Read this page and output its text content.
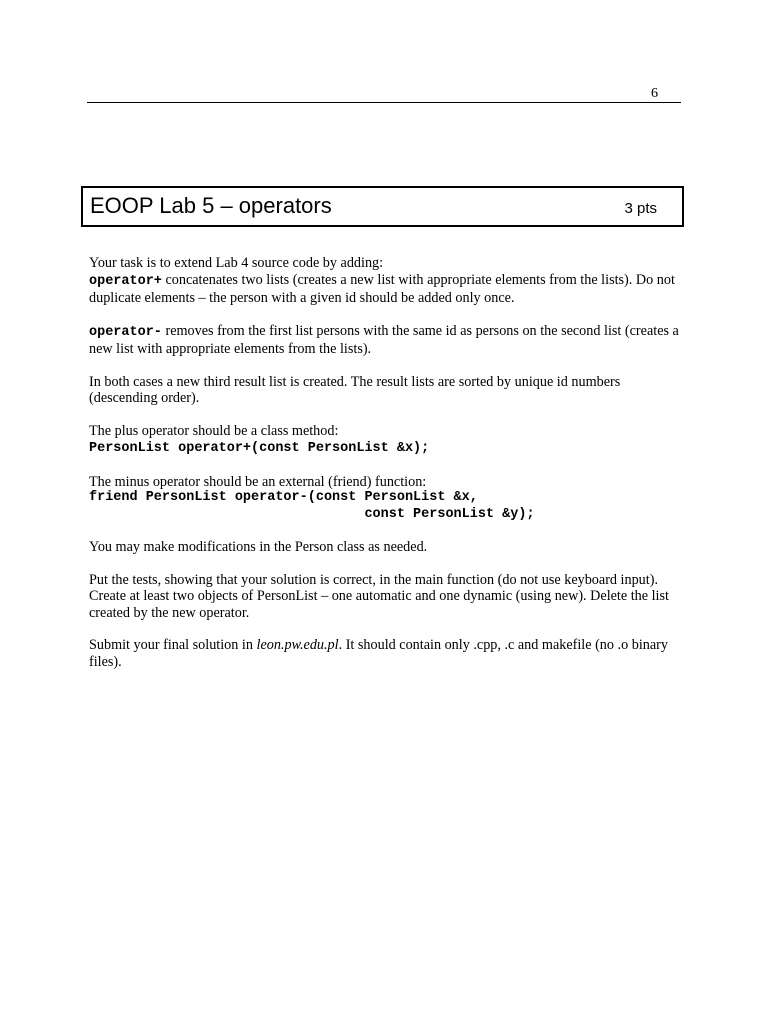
6
EOOP Lab 5 – operators	3 pts

Your task is to extend Lab 4 source code by adding:
operator+ concatenates two lists (creates a new list with appropriate elements from the lists). Do not duplicate elements – the person with a given id should be added only once.

operator- removes from the first list persons with the same id as persons on the second list (creates a new list with appropriate elements from the lists).

In both cases a new third result list is created. The result lists are sorted by unique id numbers (descending order).

The plus operator should be a class method:
PersonList operator+(const PersonList &x);

The minus operator should be an external (friend) function:
friend PersonList operator-(const PersonList &x,
const PersonList &y);

You may make modifications in the Person class as needed.

Put the tests, showing that your solution is correct, in the main function (do not use keyboard input). Create at least two objects of PersonList – one automatic and one dynamic (using new). Delete the list created by the new operator.

Submit your final solution in leon.pw.edu.pl. It should contain only .cpp, .c and makefile (no .o binary files).
